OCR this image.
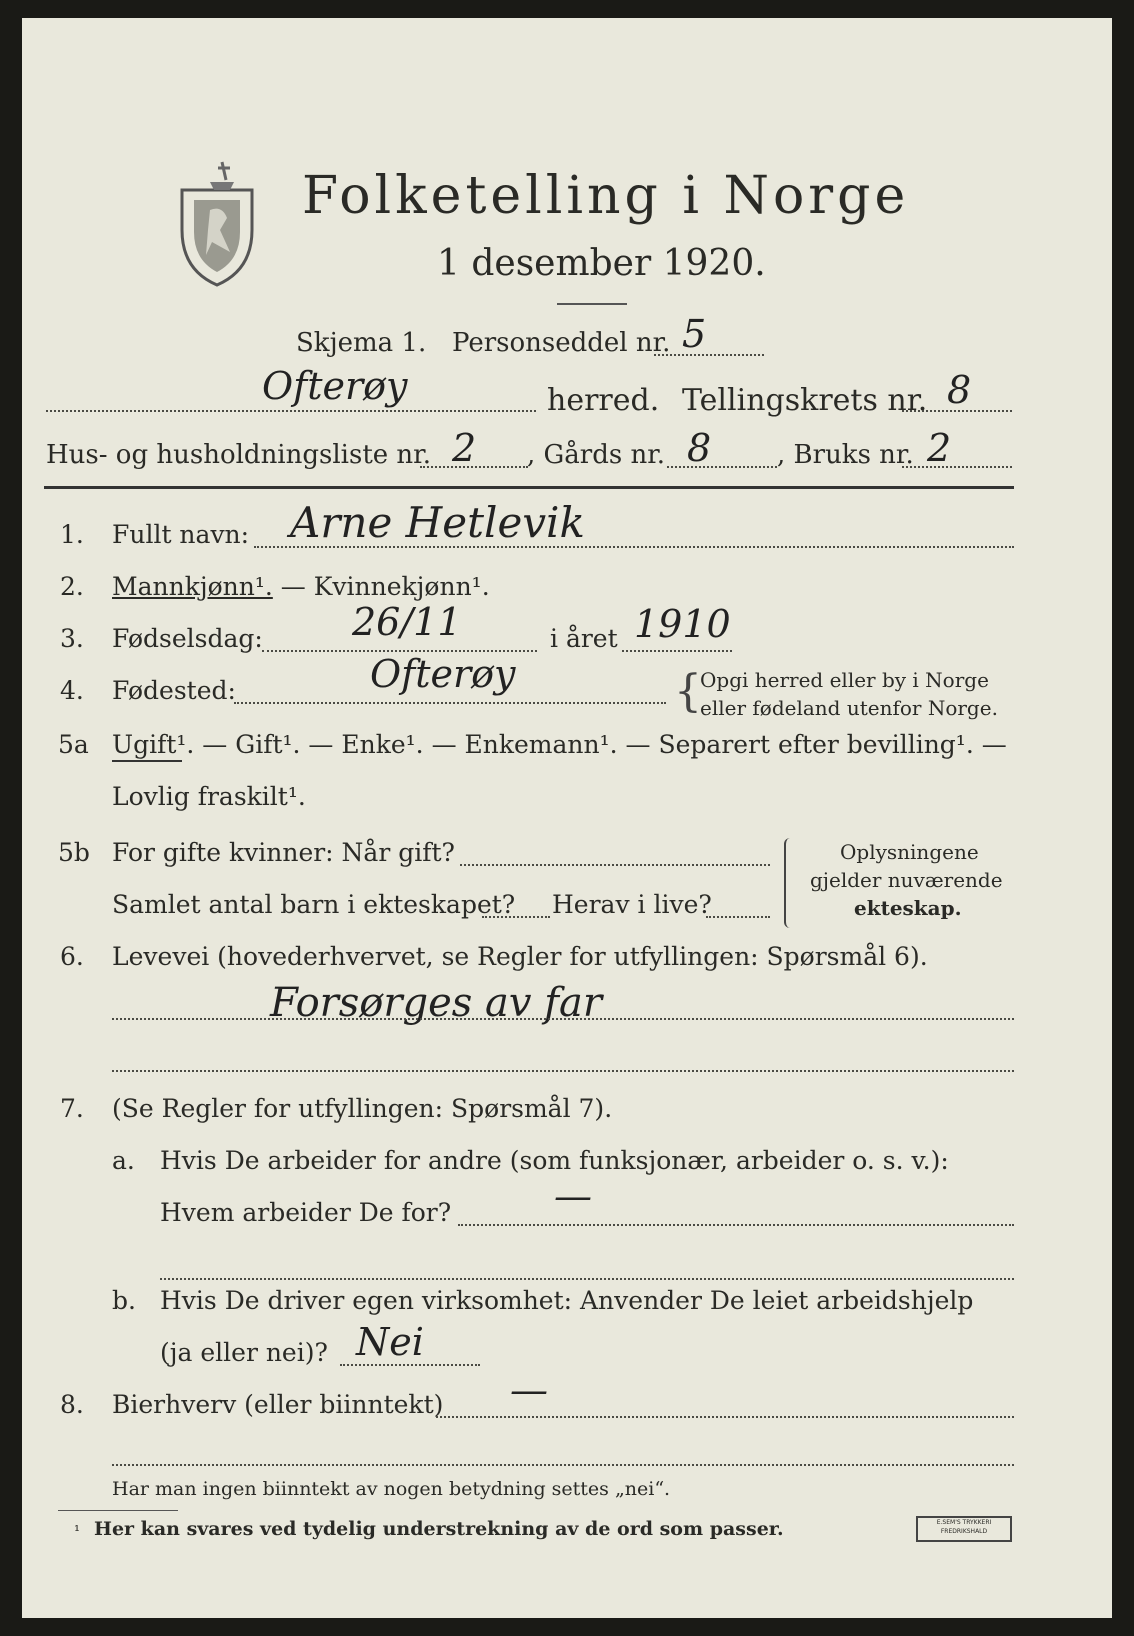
Folketelling i Norge
1 desember 1920.
Skjema 1. Personseddel nr. 5
Ofterøy	herred. Tellingskrets nr. 8
Hus- og husholdningsliste nr. 2 , Gårds nr. 8	, Bruks nr. 2
1.	Fullt navn: Arne Hetlevik
2.	Mannkjønn¹. — Kvinnekjønn¹.
3.	Fødselsdag: 26/11	i året 1910
4.	Fødested:	Ofterøy	{
Opgi herred eller by i Norge
eller fødeland utenfor Norge.
5a Ugift¹. — Gift¹. — Enke¹. — Enkemann¹. — Separert efter bevilling¹. —
Lovlig fraskilt¹.
5b For gifte kvinner: Når gift?
Samlet antal barn i ekteskapet? Herav i live?
Oplysningene
gjelder nuværende
ekteskap.
6.	Levevei (hovederhvervet, se Regler for utfyllingen: Spørsmål 6).
Forsørges av far
7.	(Se Regler for utfyllingen: Spørsmål 7).
a. Hvis De arbeider for andre (som funksjonær, arbeider o. s. v.):
Hvem arbeider De for?	—
b. Hvis De driver egen virksomhet: Anvender De leiet arbeidshjelp
(ja eller nei)? Nei
8.	Bierhverv (eller biinntekt) —
Har man ingen biinntekt av nogen betydning settes „nei“.
¹ Her kan svares ved tydelig understrekning av de ord som passer.	E.SEM'S TRYKKERI FREDRIKSHALD
